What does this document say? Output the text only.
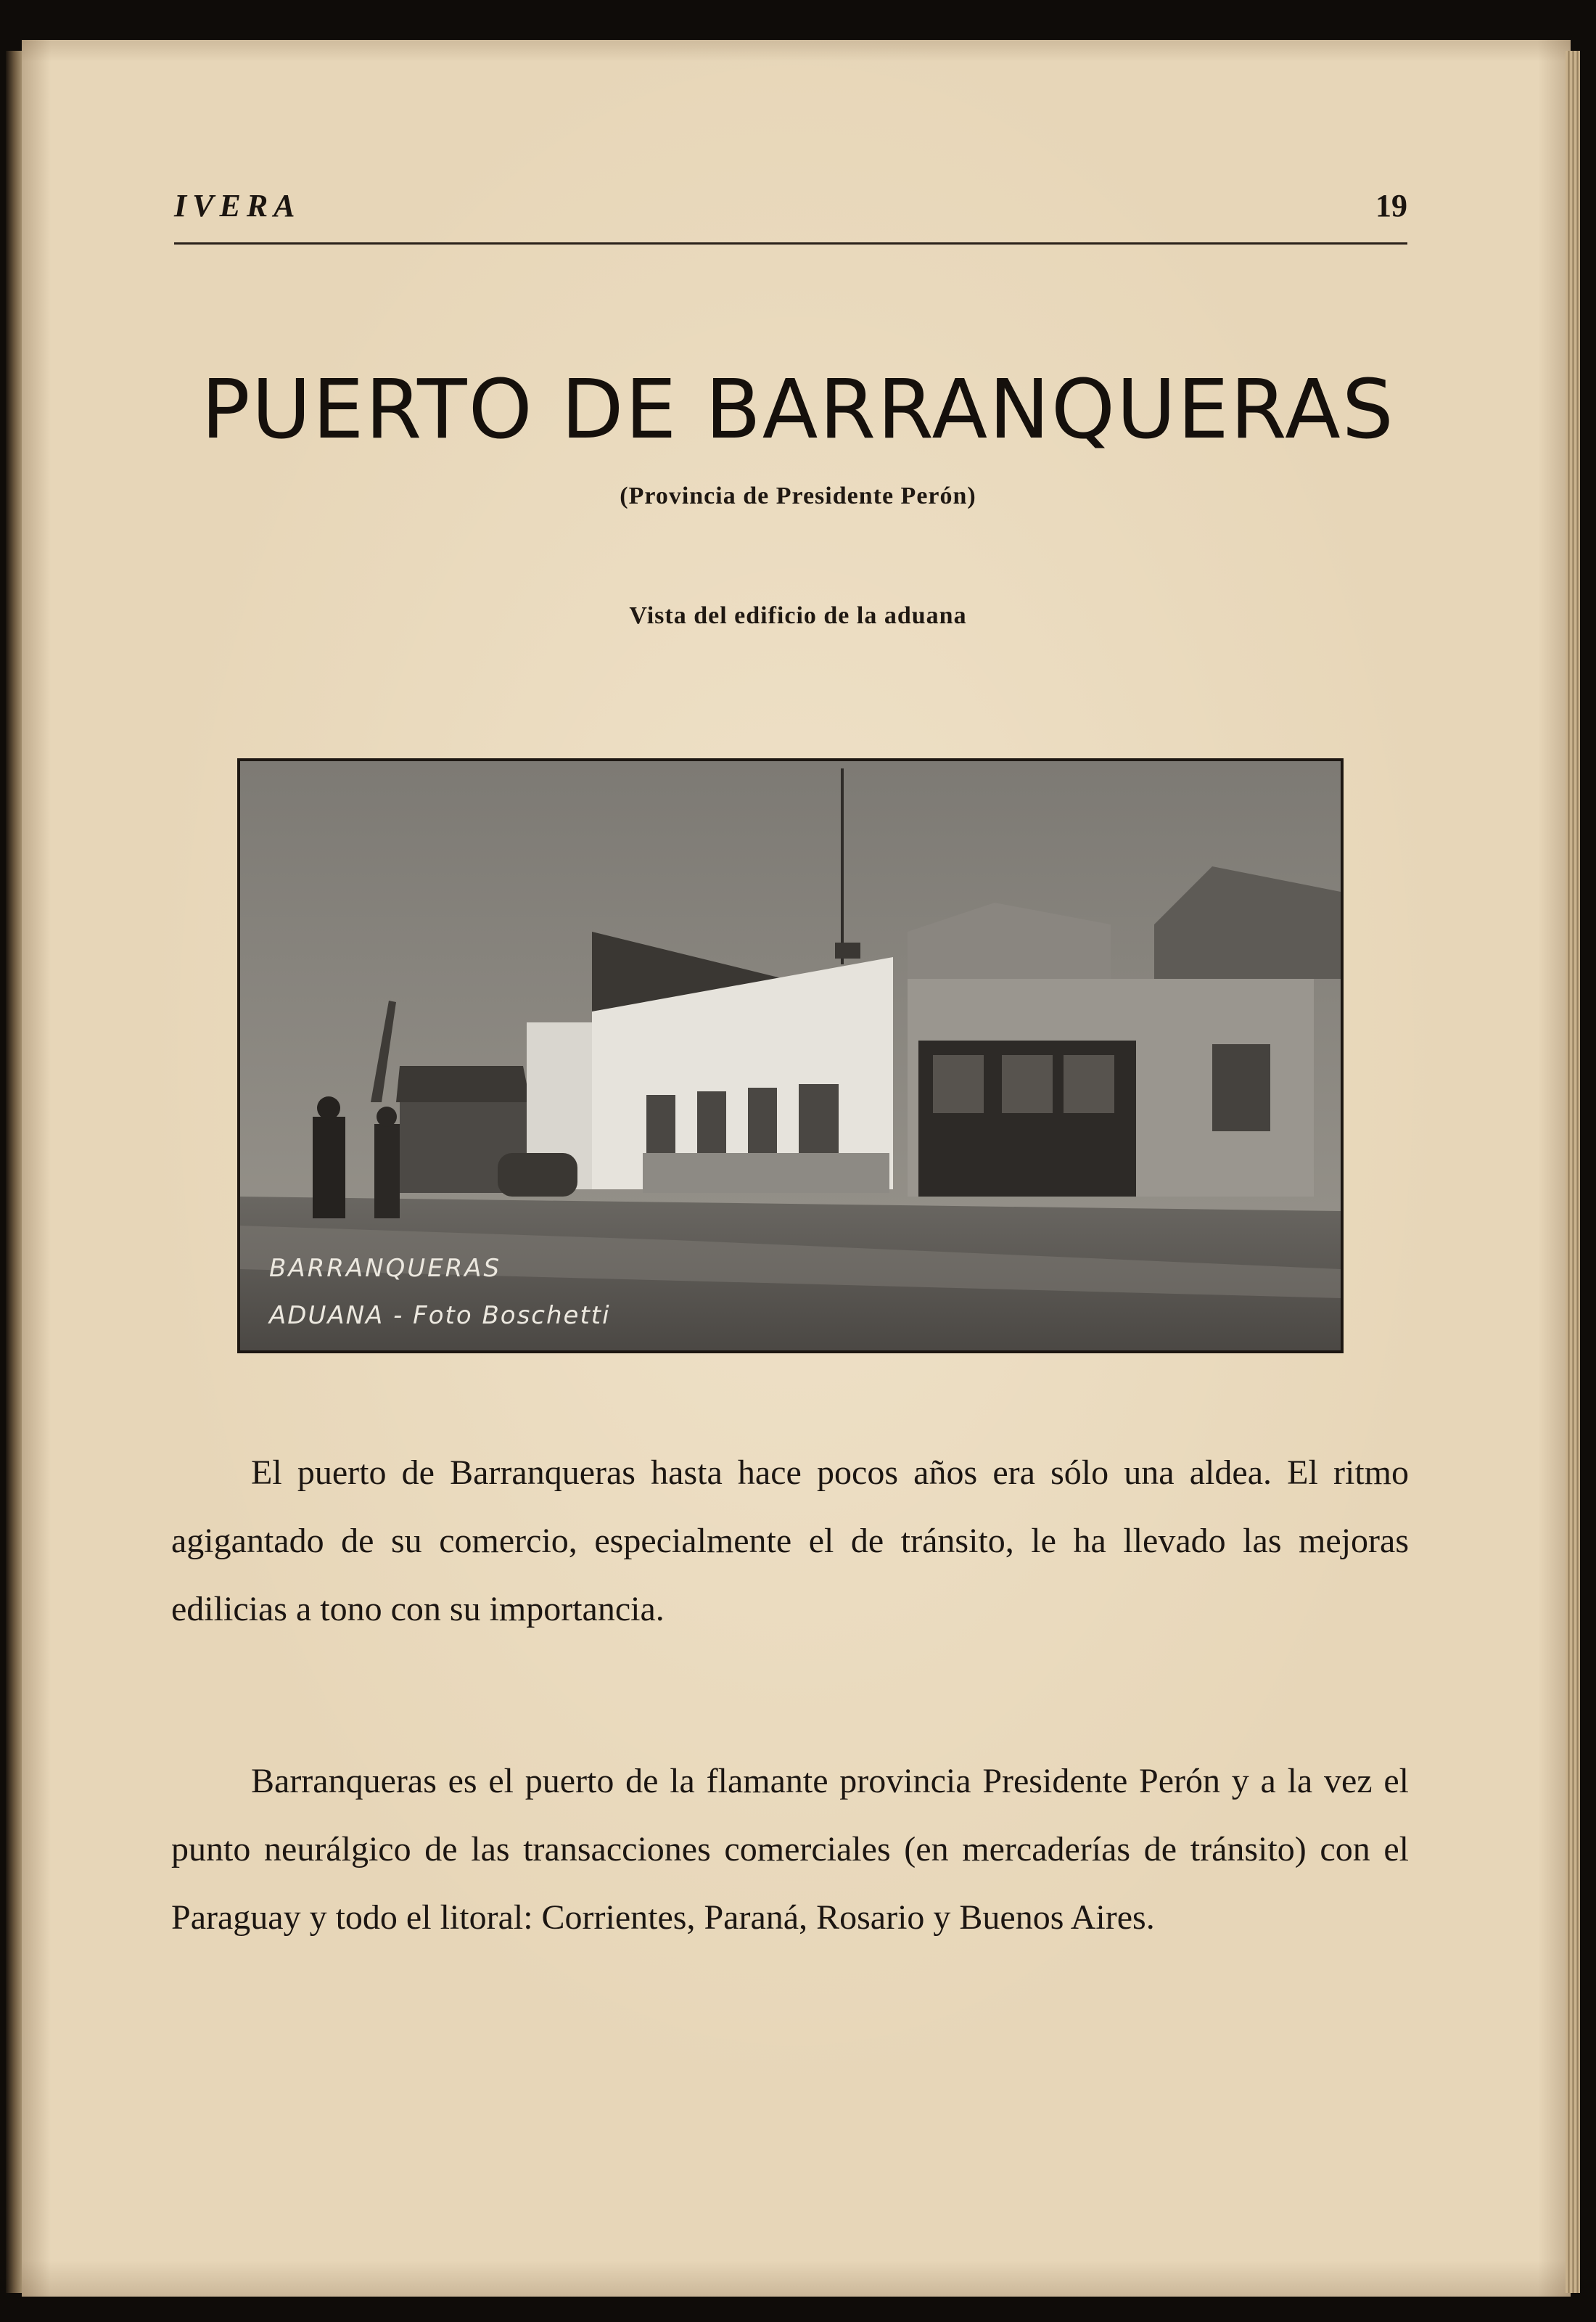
IVERA	19
PUERTO DE BARRANQUERAS
(Provincia de Presidente Perón)
Vista del edificio de la aduana
BARRANQUERAS
ADUANA - Foto Boschetti

El puerto de Barranqueras hasta hace pocos años era sólo una aldea. El ritmo agigantado de su comercio, especialmente el de tránsito, le ha llevado las mejoras edilicias a tono con su importancia.

Barranqueras es el puerto de la flamante provincia Presidente Perón y a la vez el punto neurálgico de las transacciones comerciales (en mercaderías de tránsito) con el Paraguay y todo el litoral: Corrientes, Paraná, Rosario y Buenos Aires.
